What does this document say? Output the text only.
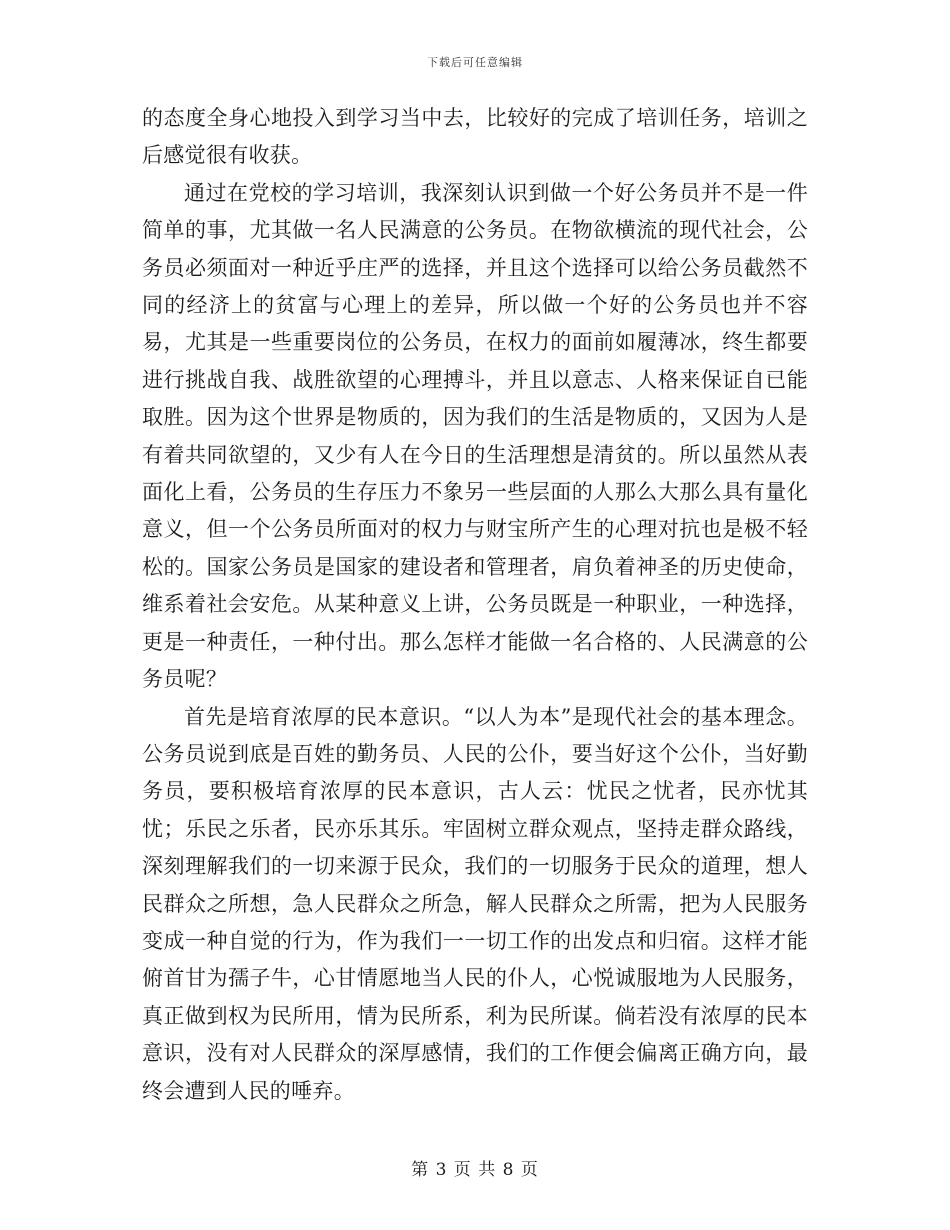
下载后可任意编辑

的态度全身心地投入到学习当中去，比较好的完成了培训任务，培训之后感觉很有收获。

通过在党校的学习培训，我深刻认识到做一个好公务员并不是一件简单的事，尤其做一名人民满意的公务员。在物欲横流的现代社会，公务员必须面对一种近乎庄严的选择，并且这个选择可以给公务员截然不同的经济上的贫富与心理上的差异，所以做一个好的公务员也并不容易，尤其是一些重要岗位的公务员，在权力的面前如履薄冰，终生都要进行挑战自我、战胜欲望的心理搏斗，并且以意志、人格来保证自已能取胜。因为这个世界是物质的，因为我们的生活是物质的，又因为人是有着共同欲望的，又少有人在今日的生活理想是清贫的。所以虽然从表面化上看，公务员的生存压力不象另一些层面的人那么大那么具有量化意义，但一个公务员所面对的权力与财宝所产生的心理对抗也是极不轻松的。国家公务员是国家的建设者和管理者，肩负着神圣的历史使命，维系着社会安危。从某种意义上讲，公务员既是一种职业，一种选择，更是一种责任，一种付出。那么怎样才能做一名合格的、人民满意的公务员呢？

首先是培育浓厚的民本意识。“以人为本”是现代社会的基本理念。公务员说到底是百姓的勤务员、人民的公仆，要当好这个公仆，当好勤务员，要积极培育浓厚的民本意识，古人云：忧民之忧者，民亦忧其忧；乐民之乐者，民亦乐其乐。牢固树立群众观点，坚持走群众路线，深刻理解我们的一切来源于民众，我们的一切服务于民众的道理，想人民群众之所想，急人民群众之所急，解人民群众之所需，把为人民服务变成一种自觉的行为，作为我们一一切工作的出发点和归宿。这样才能俯首甘为孺子牛，心甘情愿地当人民的仆人，心悦诚服地为人民服务，真正做到权为民所用，情为民所系，利为民所谋。倘若没有浓厚的民本意识，没有对人民群众的深厚感情，我们的工作便会偏离正确方向，最终会遭到人民的唾弃。

第 3 页 共 8 页
